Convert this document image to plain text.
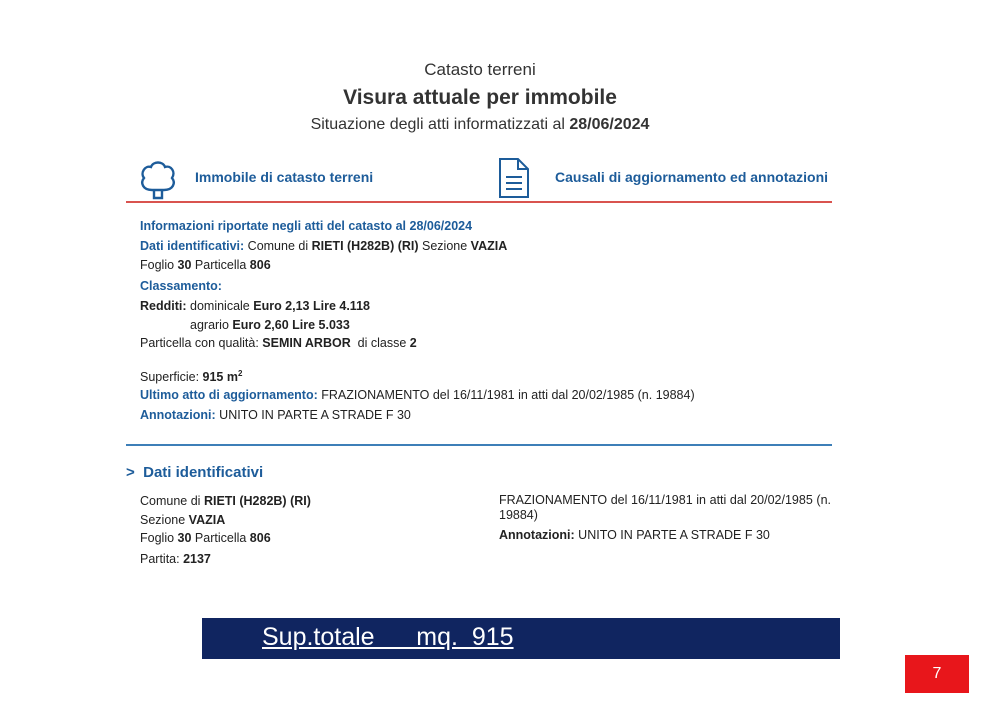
Catasto terreni
Visura attuale per immobile
Situazione degli atti informatizzati al 28/06/2024
Immobile di catasto terreni	Causali di aggiornamento ed annotazioni
Informazioni riportate negli atti del catasto al 28/06/2024
Dati identificativi: Comune di RIETI (H282B) (RI) Sezione VAZIA
Foglio 30 Particella 806
Classamento:
Redditi: dominicale Euro 2,13 Lire 4.118
agrario Euro 2,60 Lire 5.033
Particella con qualità: SEMIN ARBOR  di classe 2
Superficie: 915 $m^2$
Ultimo atto di aggiornamento: FRAZIONAMENTO del 16/11/1981 in atti dal 20/02/1985 (n. 19884)
Annotazioni: UNITO IN PARTE A STRADE F 30
> Dati identificativi
Comune di RIETI (H282B) (RI)
Sezione VAZIA
Foglio 30 Particella 806
Partita: 2137
FRAZIONAMENTO del 16/11/1981 in atti dal 20/02/1985 (n. 19884)
Annotazioni: UNITO IN PARTE A STRADE F 30
Sup.totale      mq.  915
7
